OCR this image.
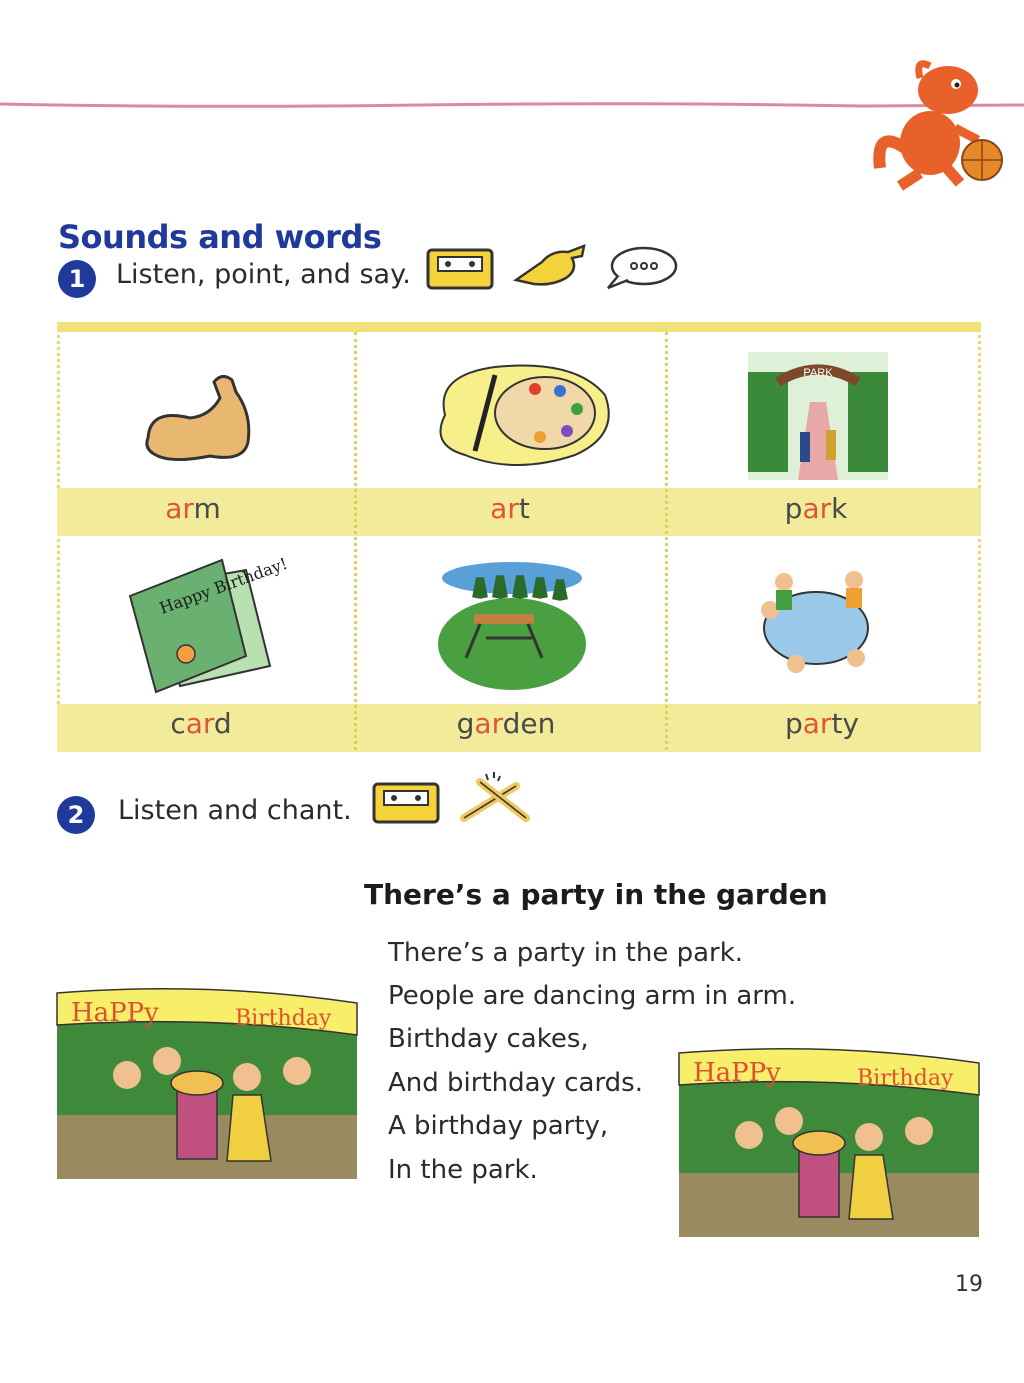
Sounds and words
1	Listen, point, and say.
PARK
arm	art	park
Happy Birthday!
card	garden	party
2	Listen and chant.
There’s a party in the garden
There’s a party in the park.
People are dancing arm in arm.
Birthday cakes,
And birthday cards.
A birthday party,
In the park.
HaPPy	Birthday
HaPPy	Birthday
19
